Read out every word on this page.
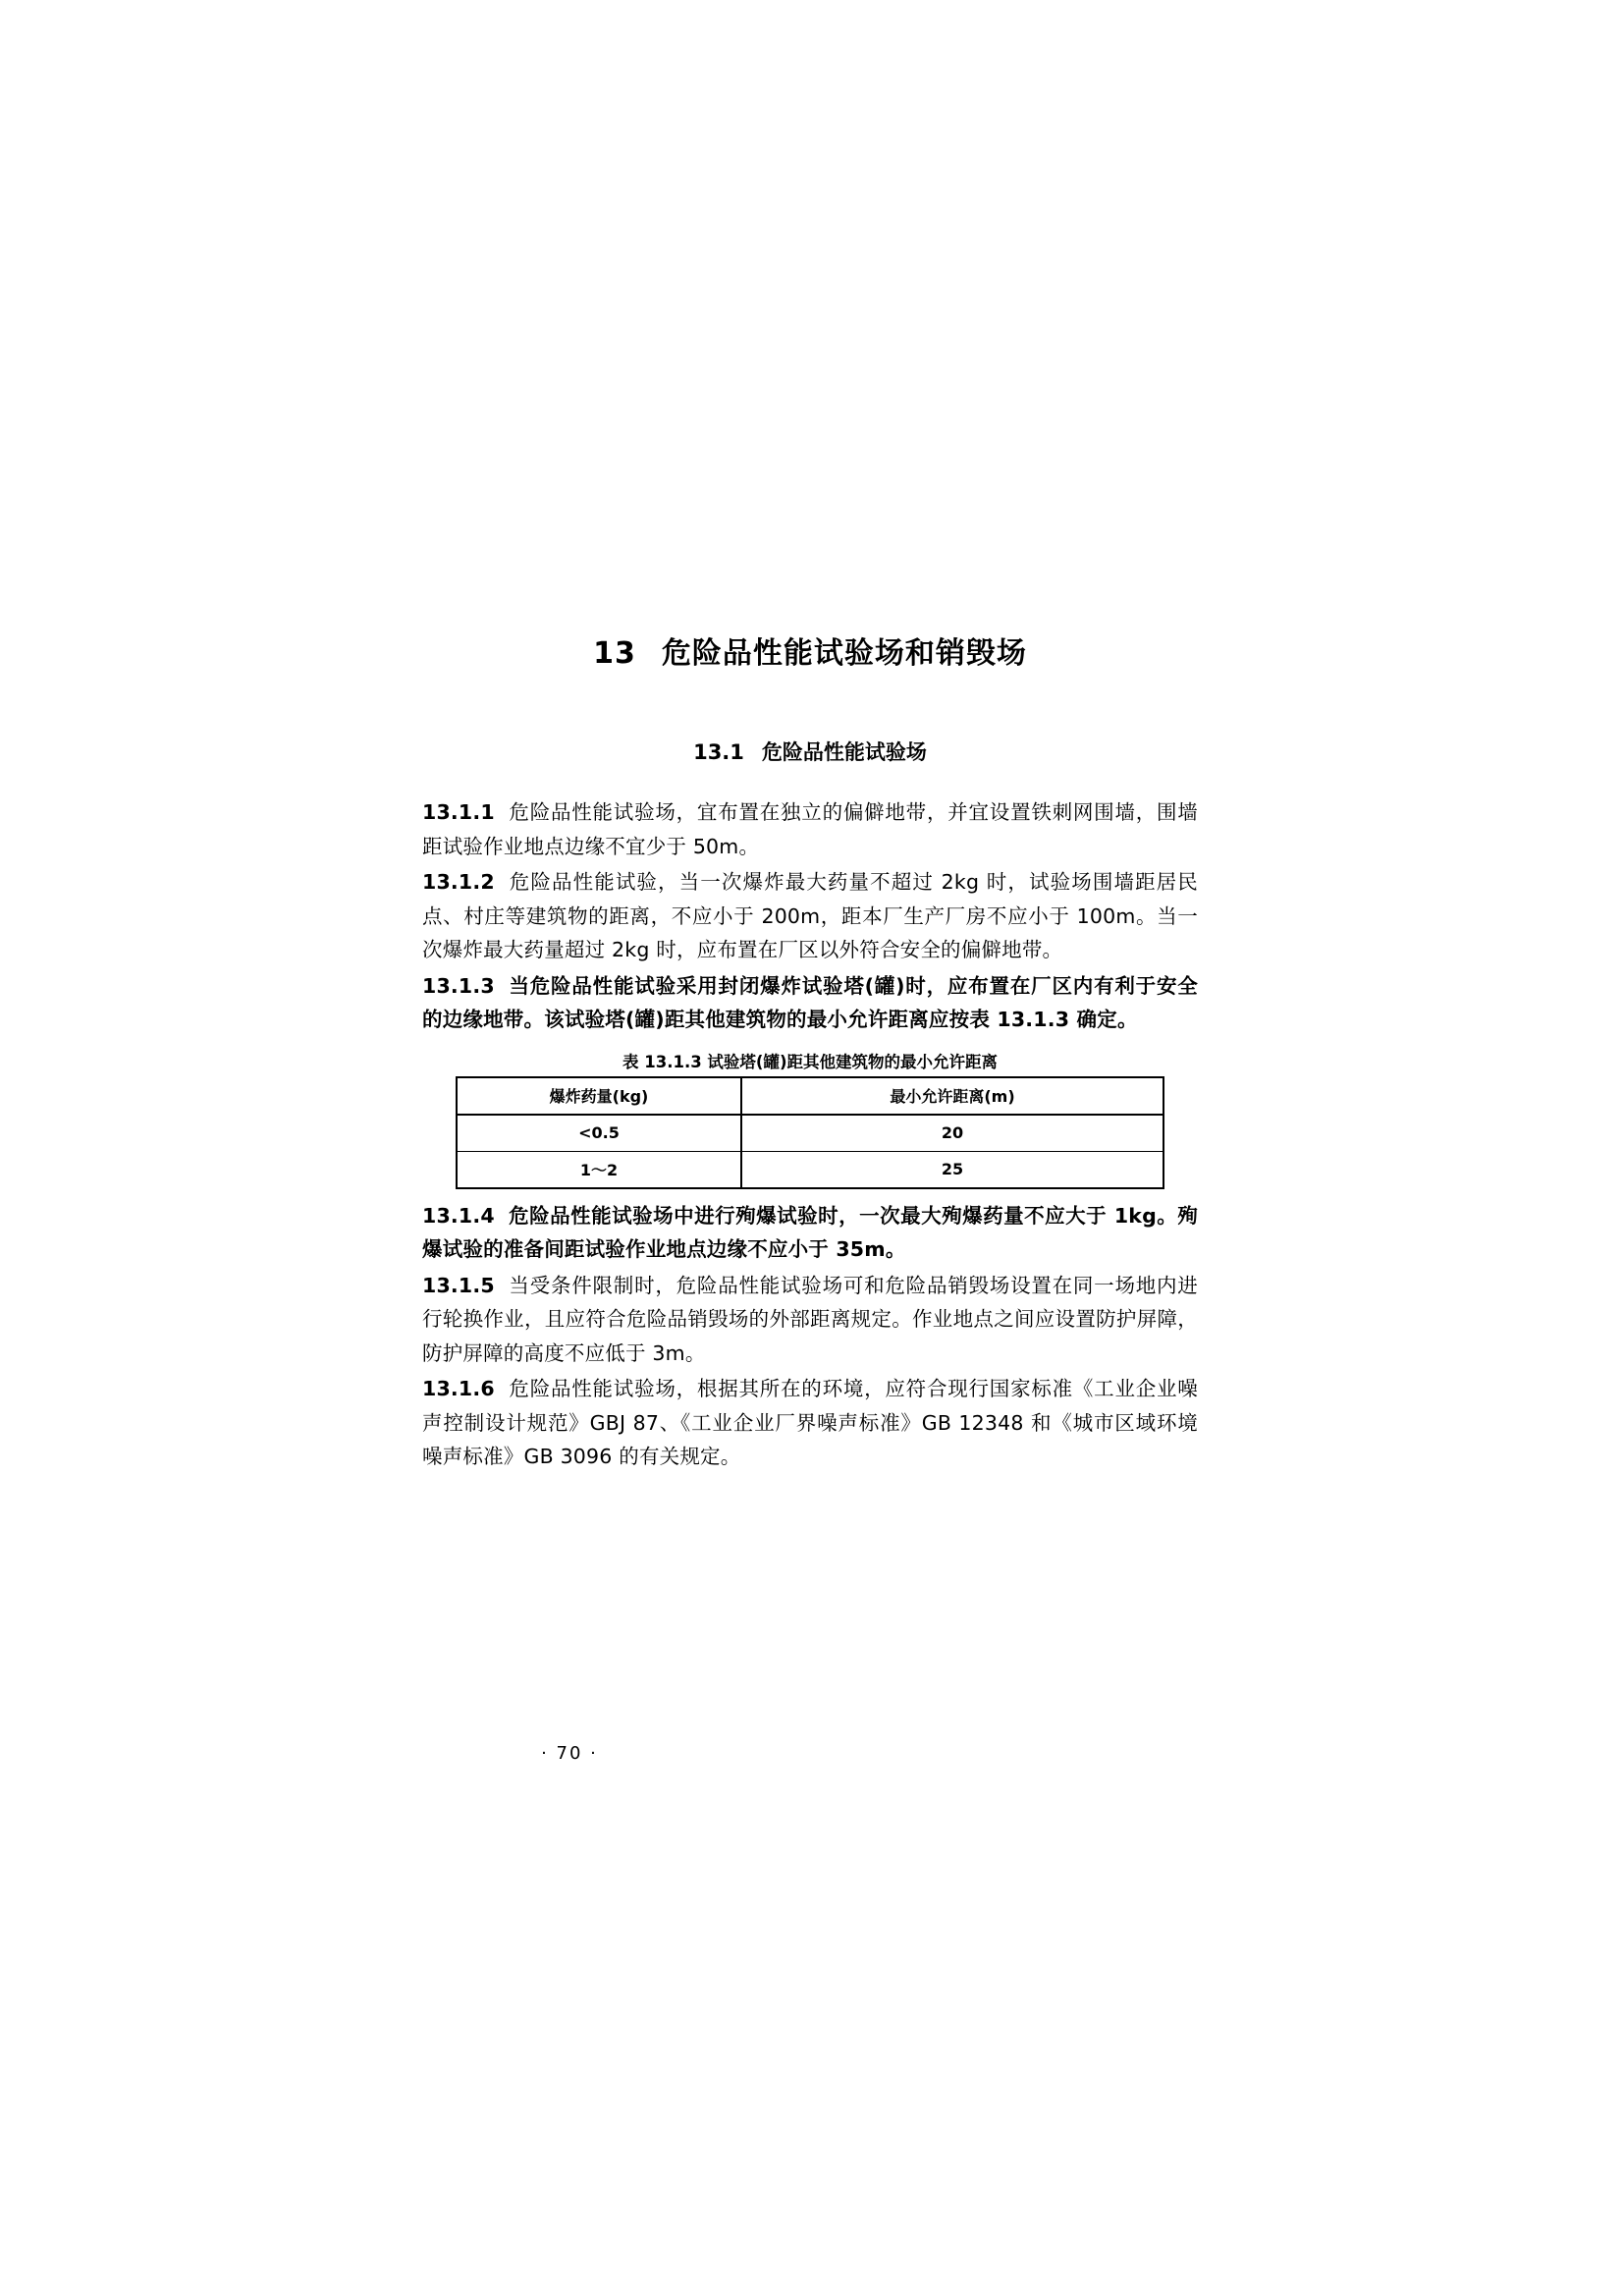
13 危险品性能试验场和销毁场
13.1 危险品性能试验场

13.1.1 危险品性能试验场，宜布置在独立的偏僻地带，并宜设置铁刺网围墙，围墙距试验作业地点边缘不宜少于 50m。

13.1.2 危险品性能试验，当一次爆炸最大药量不超过 2kg 时，试验场围墙距居民点、村庄等建筑物的距离，不应小于 200m，距本厂生产厂房不应小于 100m。当一次爆炸最大药量超过 2kg 时，应布置在厂区以外符合安全的偏僻地带。

13.1.3 当危险品性能试验采用封闭爆炸试验塔(罐)时，应布置在厂区内有利于安全的边缘地带。该试验塔(罐)距其他建筑物的最小允许距离应按表 13.1.3 确定。

表 13.1.3 试验塔(罐)距其他建筑物的最小允许距离
爆炸药量(kg)	最小允许距离(m)
<0.5	20
1～2	25

13.1.4 危险品性能试验场中进行殉爆试验时，一次最大殉爆药量不应大于 1kg。殉爆试验的准备间距试验作业地点边缘不应小于 35m。

13.1.5 当受条件限制时，危险品性能试验场可和危险品销毁场设置在同一场地内进行轮换作业，且应符合危险品销毁场的外部距离规定。作业地点之间应设置防护屏障，防护屏障的高度不应低于 3m。

13.1.6 危险品性能试验场，根据其所在的环境，应符合现行国家标准《工业企业噪声控制设计规范》GBJ 87、《工业企业厂界噪声标准》GB 12348 和《城市区域环境噪声标准》GB 3096 的有关规定。

· 70 ·
